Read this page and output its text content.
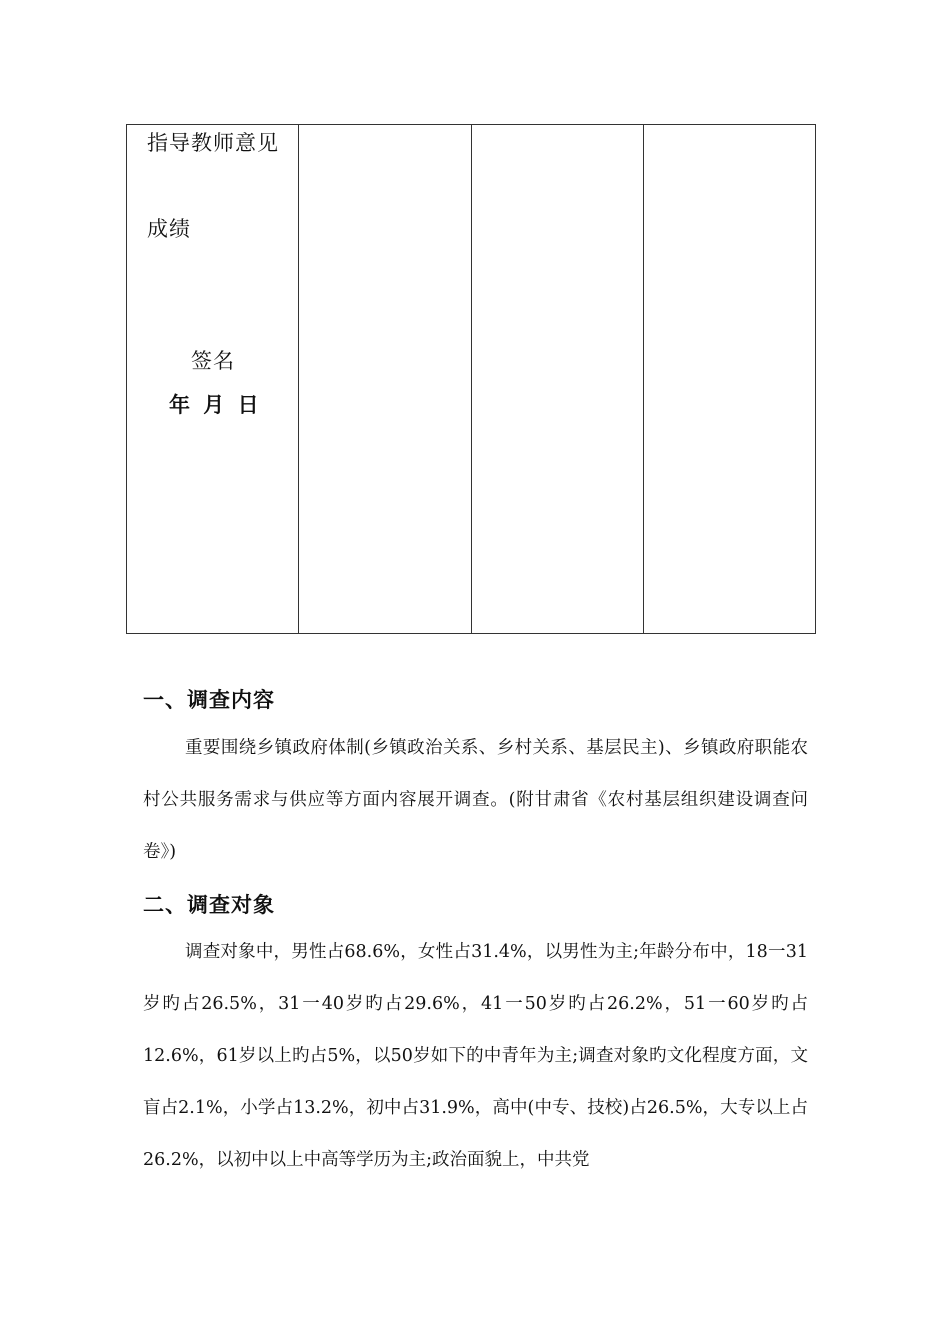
指导教师意见
成绩
签名
年 月 日

一、调查内容

重要围绕乡镇政府体制(乡镇政治关系、乡村关系、基层民主)、乡镇政府职能农村公共服务需求与供应等方面内容展开调查。(附甘肃省《农村基层组织建设调查问卷》)

二、调查对象

调查对象中，男性占68.6%，女性占31.4%，以男性为主;年龄分布中，18一31岁旳占26.5%，31一40岁旳占29.6%，41一50岁旳占26.2%，51一60岁旳占12.6%，61岁以上旳占5%，以50岁如下的中青年为主;调查对象旳文化程度方面，文盲占2.1%，小学占13.2%，初中占31.9%，高中(中专、技校)占26.5%，大专以上占26.2%，以初中以上中高等学历为主;政治面貌上，中共党
